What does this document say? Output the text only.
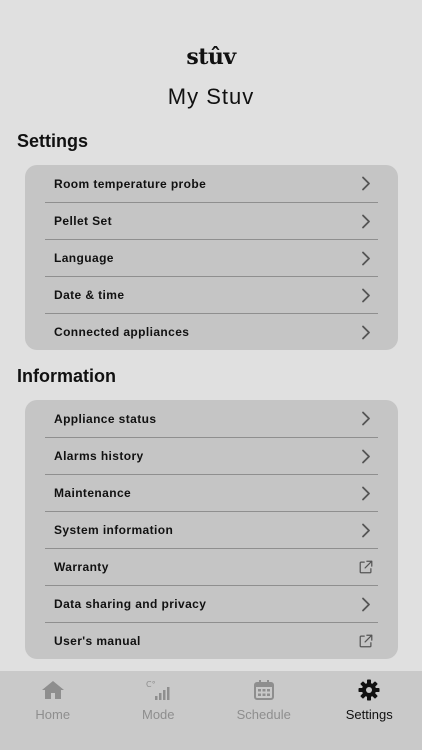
stûv
My Stuv
Settings
Room temperature probe
Pellet Set
Language
Date & time
Connected appliances
Information
Appliance status
Alarms history
Maintenance
System information
Warranty
Data sharing and privacy
User's manual
Home
C°
Mode	Schedule	Settings
